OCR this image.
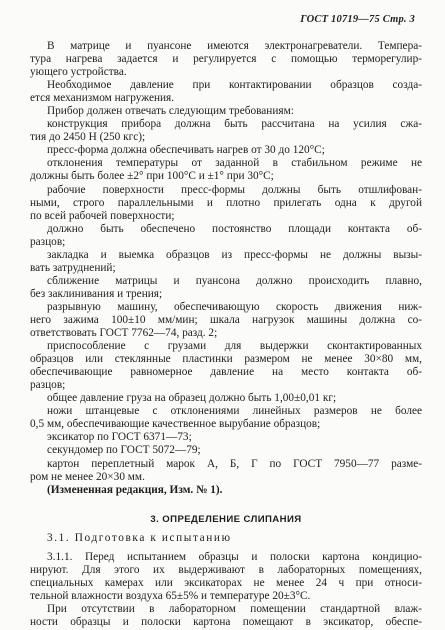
ГОСТ 10719—75 Стр. 3
В матрице и пуансоне имеются электронагреватели. Темпера-
тура нагрева задается и регулируется с помощью терморегулир-
ующего устройства.
Необходимое давление при контактировании образцов созда-
ется механизмом нагружения.
Прибор должен отвечать следующим требованиям:
конструкция прибора должна быть рассчитана на усилия сжа-
тия до 2450 Н (250 кгс);
пресс-форма должна обеспечивать нагрев от 30 до 120°С;
отклонения температуры от заданной в стабильном режиме не
должны быть более ±2° при 100°С и ±1° при 30°С;
рабочие поверхности пресс-формы должны быть отшлифован-
ными, строго параллельными и плотно прилегать одна к другой
по всей рабочей поверхности;
должно быть обеспечено постоянство площади контакта об-
разцов;
закладка и выемка образцов из пресс-формы не должны вызы-
вать затруднений;
сближение матрицы и пуансона должно происходить плавно,
без заклинивания и трения;
разрывную машину, обеспечивающую скорость движения ниж-
него зажима 100±10 мм/мин; шкала нагрузок машины должна со-
ответствовать ГОСТ 7762—74, разд. 2;
приспособление с грузами для выдержки сконтактированных
образцов или стеклянные пластинки размером не менее 30×80 мм,
обеспечивающие равномерное давление на место контакта об-
разцов;
общее давление груза на образец должно быть 1,00±0,01 кг;
ножи штанцевые с отклонениями линейных размеров не более
0,5 мм, обеспечивающие качественное вырубание образцов;
эксикатор по ГОСТ 6371—73;
секундомер по ГОСТ 5072—79;
картон переплетный марок А, Б, Г по ГОСТ 7950—77 разме-
ром не менее 20×30 мм.
(Измененная редакция, Изм. № 1).
3. ОПРЕДЕЛЕНИЕ СЛИПАНИЯ
3.1. Подготовка к испытанию
3.1.1. Перед испытанием образцы и полоски картона кондицио-
нируют. Для этого их выдерживают в лабораторных помещениях,
специальных камерах или эксикаторах не менее 24 ч при относи-
тельной влажности воздуха 65±5% и температуре 20±3°С.
При отсутствии в лабораторном помещении стандартной влаж-
ности образцы и полоски картона помещают в эксикатор, обеспе-
